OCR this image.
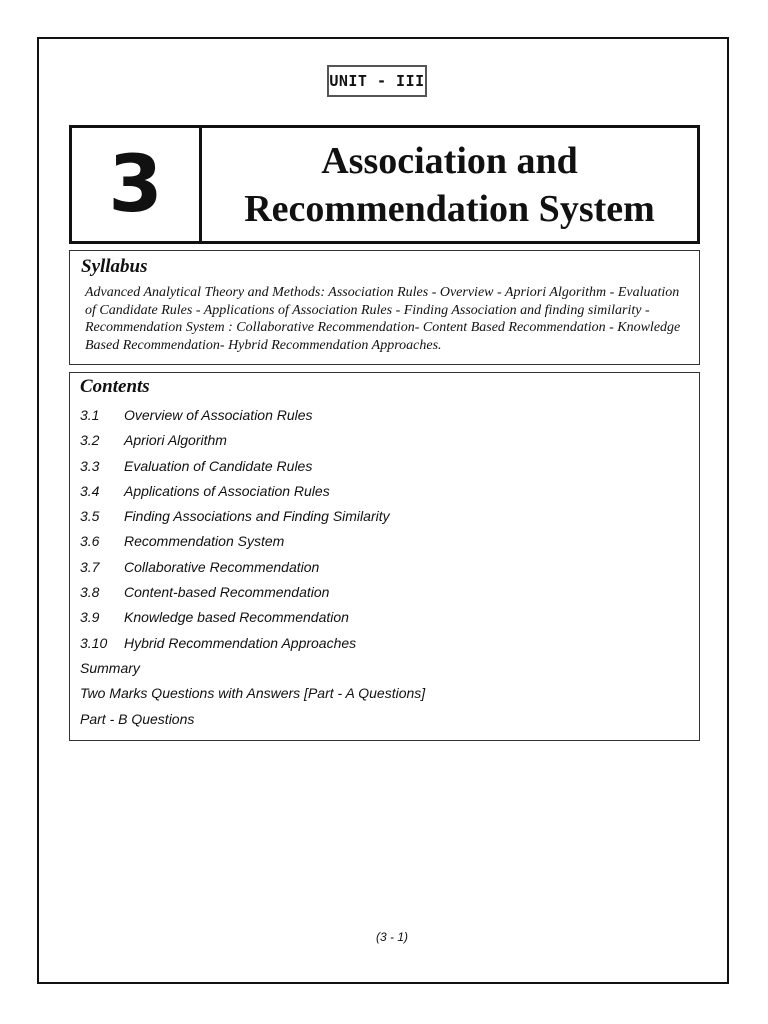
UNIT - III
3	Association and
Recommendation System
Syllabus

Advanced Analytical Theory and Methods: Association Rules - Overview - Apriori Algorithm - Evaluation of Candidate Rules - Applications of Association Rules - Finding Association and finding similarity - Recommendation System : Collaborative Recommendation- Content Based Recommendation - Knowledge Based Recommendation- Hybrid Recommendation Approaches.

Contents
3.1	Overview of Association Rules
3.2	Apriori Algorithm
3.3	Evaluation of Candidate Rules
3.4	Applications of Association Rules
3.5	Finding Associations and Finding Similarity
3.6	Recommendation System
3.7	Collaborative Recommendation
3.8	Content-based Recommendation
3.9	Knowledge based Recommendation
3.10	Hybrid Recommendation Approaches
Summary
Two Marks Questions with Answers [Part - A Questions]
Part - B Questions
(3 - 1)
